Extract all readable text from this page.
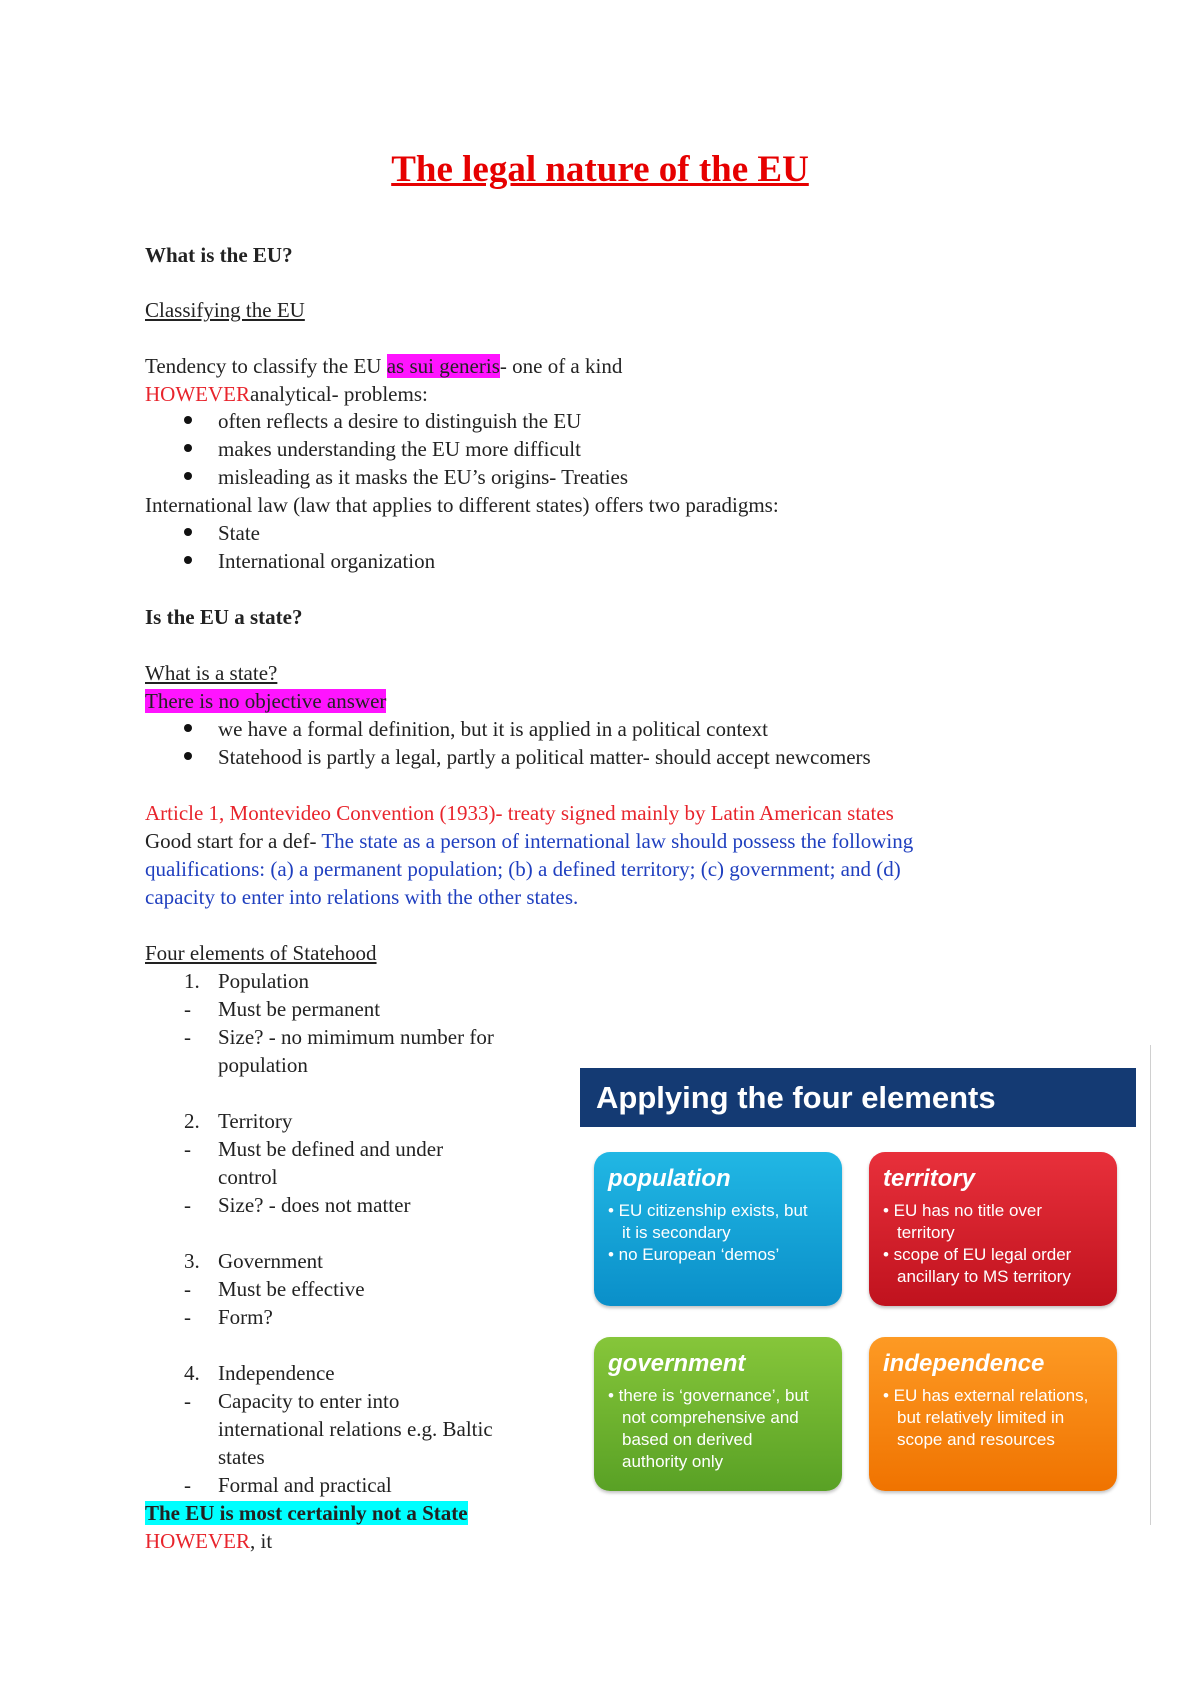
The legal nature of the EU
What is the EU?
Classifying the EU
Tendency to classify the EU as sui generis- one of a kind
HOWEVERanalytical- problems:
often reflects a desire to distinguish the EU
makes understanding the EU more difficult
misleading as it masks the EU’s origins- Treaties
International law (law that applies to different states) offers two paradigms:
State
International organization
Is the EU a state?
What is a state?
There is no objective answer
we have a formal definition, but it is applied in a political context
Statehood is partly a legal, partly a political matter- should accept newcomers
Article 1, Montevideo Convention (1933)- treaty signed mainly by Latin American states
Good start for a def- The state as a person of international law should possess the following
qualifications: (a) a permanent population; (b) a defined territory; (c) government; and (d)
capacity to enter into relations with the other states.
Four elements of Statehood
1. Population
- Must be permanent
- Size? - no mimimum number for
population
2. Territory
- Must be defined and under
control
- Size? - does not matter
3. Government
- Must be effective
- Form?
4. Independence
- Capacity to enter into
international relations e.g. Baltic
states
- Formal and practical
The EU is most certainly not a State
HOWEVER, it
Applying the four elements
population
• EU citizenship exists, but
it is secondary
• no European ‘demos’
territory
• EU has no title over
territory
• scope of EU legal order
ancillary to MS territory
government
• there is ‘governance’, but
not comprehensive and
based on derived
authority only
independence
• EU has external relations,
but relatively limited in
scope and resources
